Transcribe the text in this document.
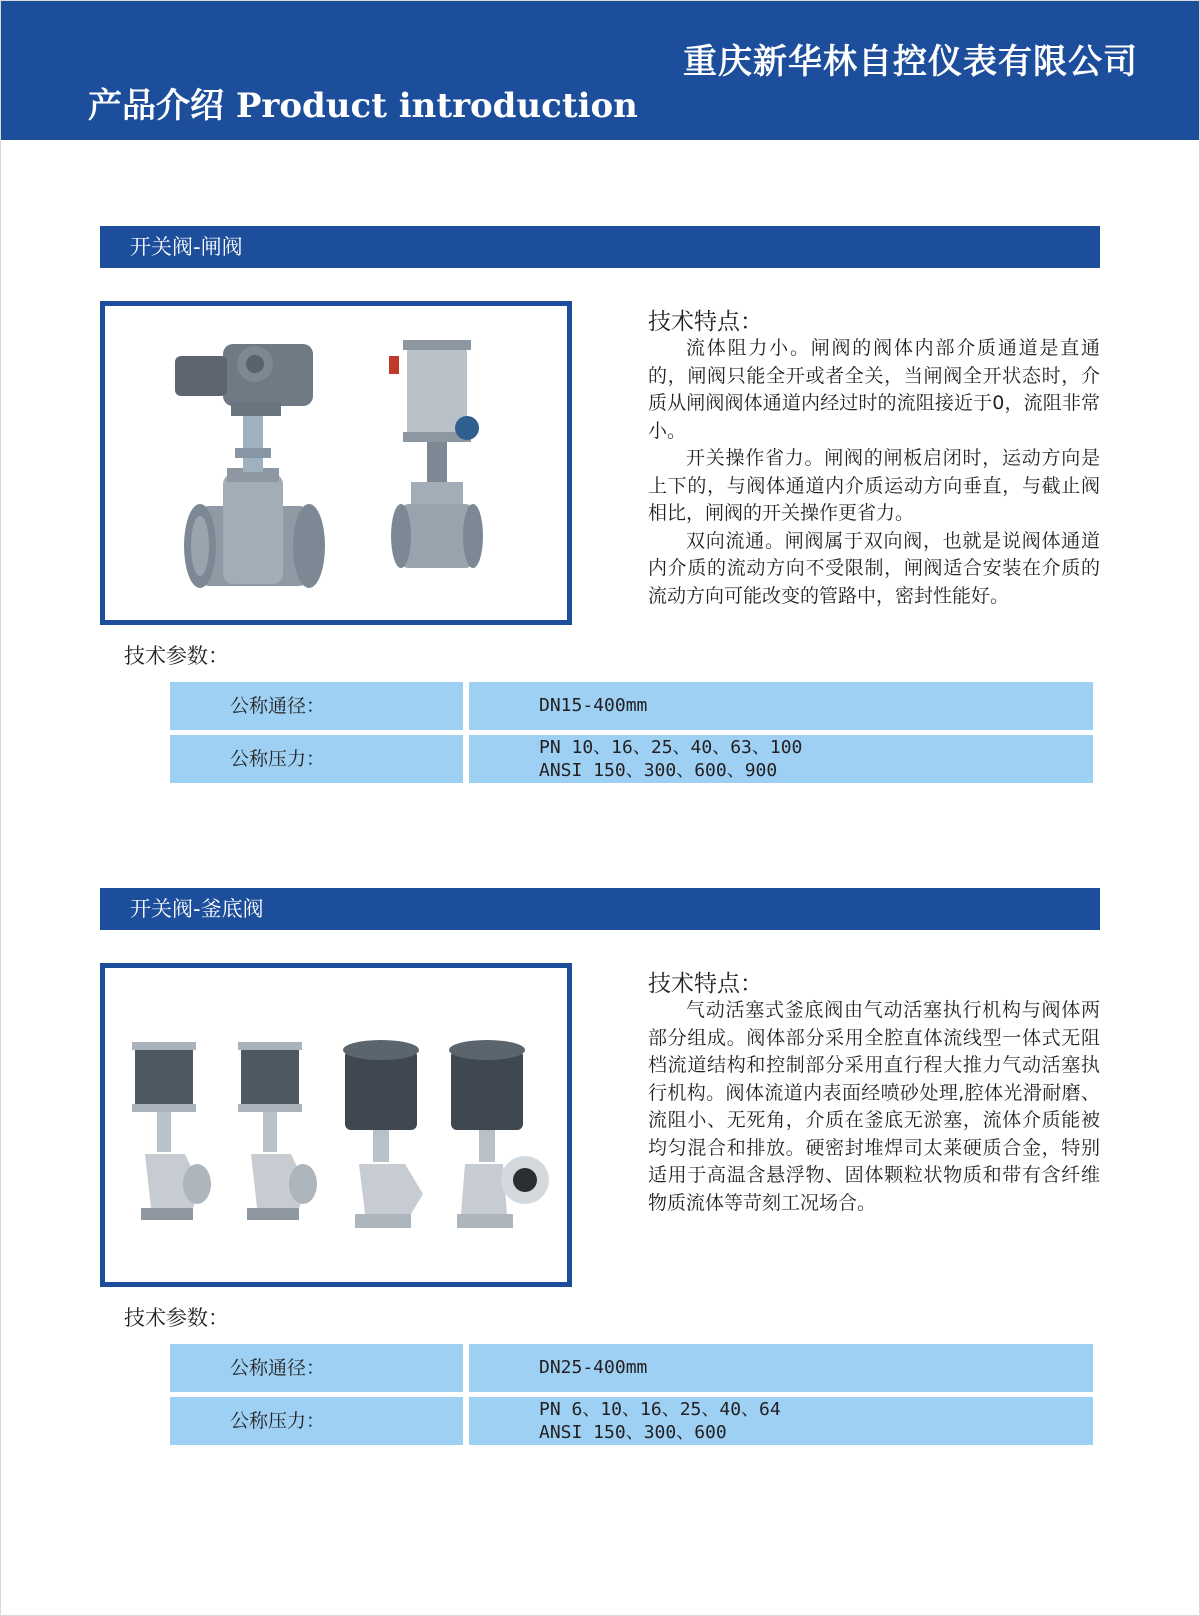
重庆新华林自控仪表有限公司
产品介绍 Product introduction
开关阀-闸阀
技术特点：

流体阻力小。闸阀的阀体内部介质通道是直通的，闸阀只能全开或者全关，当闸阀全开状态时，介质从闸阀阀体通道内经过时的流阻接近于0，流阻非常小。

开关操作省力。闸阀的闸板启闭时，运动方向是上下的，与阀体通道内介质运动方向垂直，与截止阀相比，闸阀的开关操作更省力。

双向流通。闸阀属于双向阀，也就是说阀体通道内介质的流动方向不受限制，闸阀适合安装在介质的流动方向可能改变的管路中，密封性能好。

技术参数：
公称通径：	DN15-400mm
公称压力：
PN 10、16、25、40、63、100
ANSI 150、300、600、900
开关阀-釜底阀
技术特点：

气动活塞式釜底阀由气动活塞执行机构与阀体两部分组成。阀体部分采用全腔直体流线型一体式无阻档流道结构和控制部分采用直行程大推力气动活塞执行机构。阀体流道内表面经喷砂处理,腔体光滑耐磨、流阻小、无死角，介质在釜底无淤塞，流体介质能被均匀混合和排放。硬密封堆焊司太莱硬质合金，特别适用于高温含悬浮物、固体颗粒状物质和带有含纤维物质流体等苛刻工况场合。

技术参数：
公称通径：	DN25-400mm
公称压力：
PN 6、10、16、25、40、64
ANSI 150、300、600
